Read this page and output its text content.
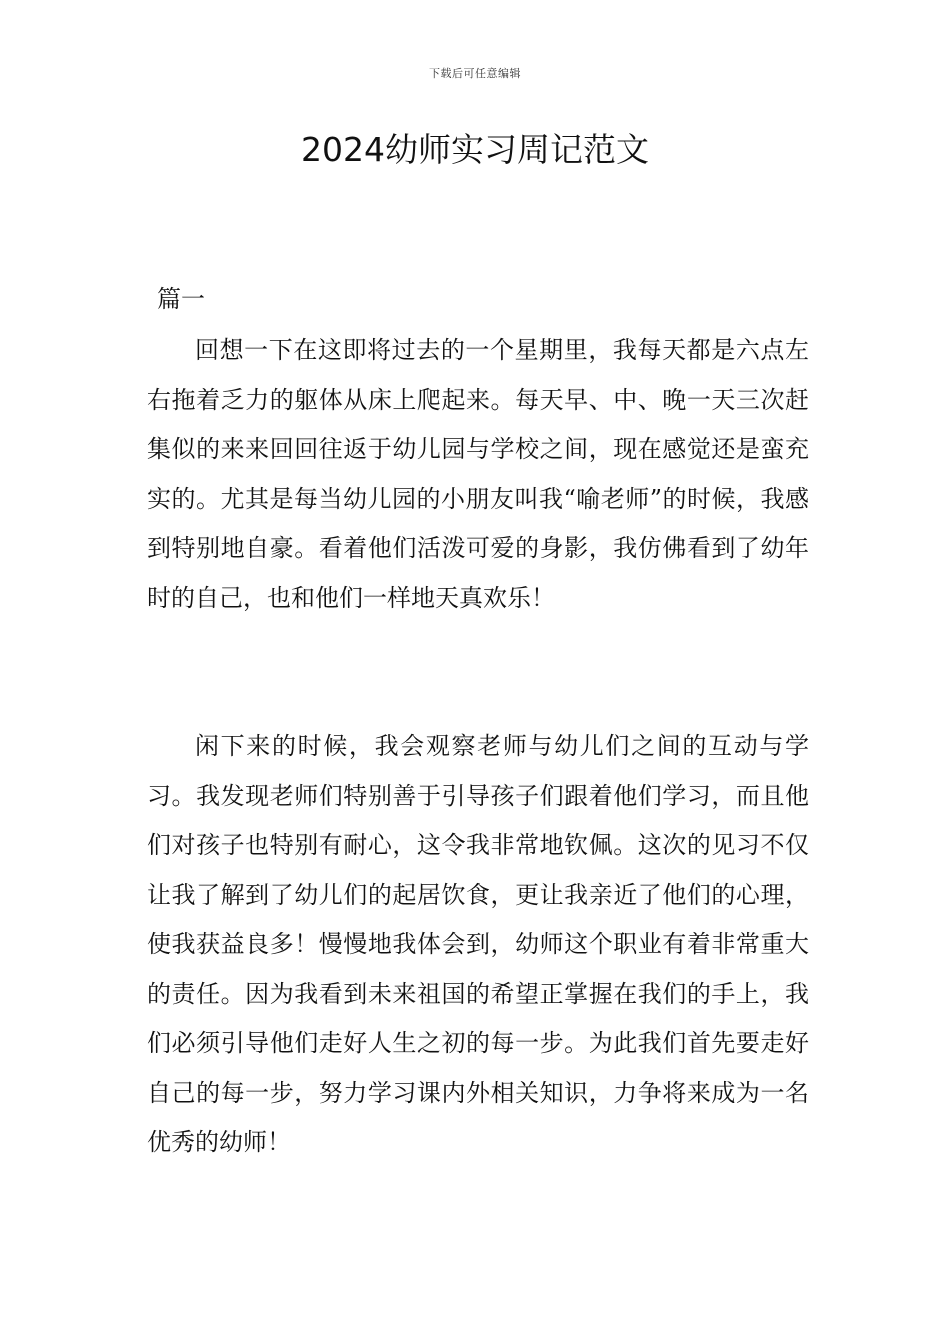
下载后可任意编辑
2024幼师实习周记范文
篇一

回想一下在这即将过去的一个星期里，我每天都是六点左右拖着乏力的躯体从床上爬起来。每天早、中、晚一天三次赶集似的来来回回往返于幼儿园与学校之间，现在感觉还是蛮充实的。尤其是每当幼儿园的小朋友叫我“喻老师”的时候，我感到特别地自豪。看着他们活泼可爱的身影，我仿佛看到了幼年时的自己，也和他们一样地天真欢乐！

闲下来的时候，我会观察老师与幼儿们之间的互动与学习。我发现老师们特别善于引导孩子们跟着他们学习，而且他们对孩子也特别有耐心，这令我非常地钦佩。这次的见习不仅让我了解到了幼儿们的起居饮食，更让我亲近了他们的心理，使我获益良多！慢慢地我体会到，幼师这个职业有着非常重大的责任。因为我看到未来祖国的希望正掌握在我们的手上，我们必须引导他们走好人生之初的每一步。为此我们首先要走好自己的每一步，努力学习课内外相关知识，力争将来成为一名优秀的幼师！
